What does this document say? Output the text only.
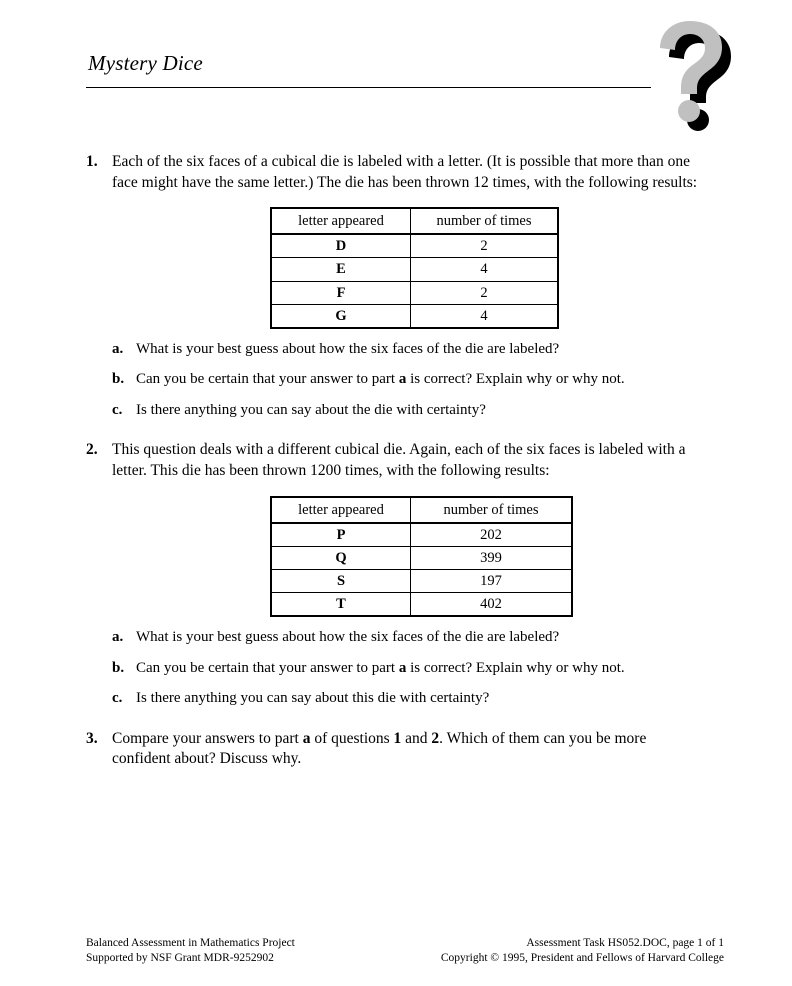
Mystery Dice
1. Each of the six faces of a cubical die is labeled with a letter. (It is possible that more than one face might have the same letter.) The die has been thrown 12 times, with the following results:
letter appeared	number of times
D	2
E	4
F	2
G	4
a. What is your best guess about how the six faces of the die are labeled?
b. Can you be certain that your answer to part a is correct? Explain why or why not.
c. Is there anything you can say about the die with certainty?
2. This question deals with a different cubical die. Again, each of the six faces is labeled with a letter. This die has been thrown 1200 times, with the following results:
letter appeared	number of times
P	202
Q	399
S	197
T	402
a. What is your best guess about how the six faces of the die are labeled?
b. Can you be certain that your answer to part a is correct? Explain why or why not.
c. Is there anything you can say about this die with certainty?
3. Compare your answers to part a of questions 1 and 2. Which of them can you be more confident about? Discuss why.
Balanced Assessment in Mathematics Project
Supported by NSF Grant MDR-9252902
Assessment Task HS052.DOC, page 1 of 1
Copyright © 1995, President and Fellows of Harvard College
